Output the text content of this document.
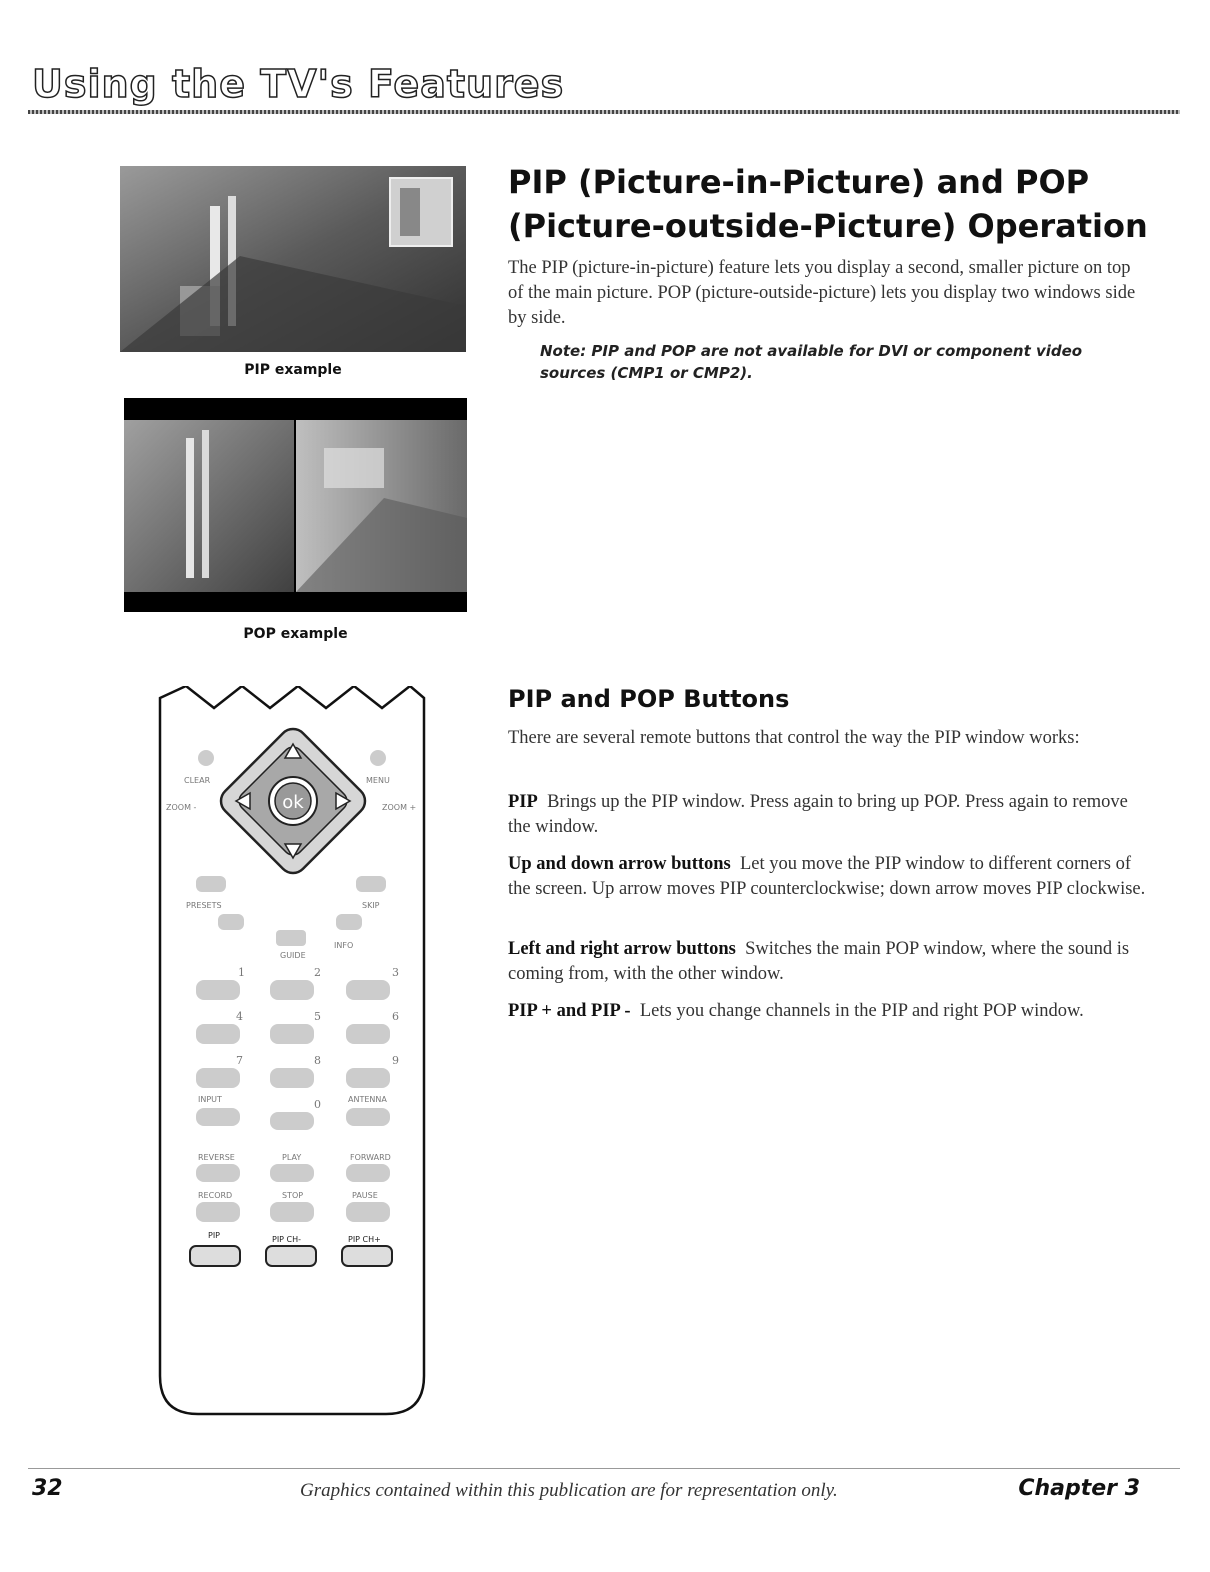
Using the TV's Features
PIP example
POP example
PIP (Picture-in-Picture) and POP (Picture-outside-Picture) Operation
The PIP (picture-in-picture) feature lets you display a second, smaller picture on top of the main picture. POP (picture-outside-picture) lets you display two windows side by side.
Note: PIP and POP are not available for DVI or component video sources (CMP1 or CMP2).
ok
CLEAR	MENU
ZOOM -	ZOOM +
PRESETS	SKIP
INFO
GUIDE
1	2	3
4	5	6
7	8	9
INPUT	0	ANTENNA
REVERSE	PLAY	FORWARD
RECORD	STOP	PAUSE
PIP	PIP CH-	PIP CH+
PIP and POP Buttons
There are several remote buttons that control the way the PIP window works:
PIP Brings up the PIP window. Press again to bring up POP. Press again to remove the window.
Up and down arrow buttons Let you move the PIP window to different corners of the screen. Up arrow moves PIP counterclockwise; down arrow moves PIP clockwise.
Left and right arrow buttons Switches the main POP window, where the sound is coming from, with the other window.
PIP + and PIP - Lets you change channels in the PIP and right POP window.
32	Graphics contained within this publication are for representation only.	Chapter 3
